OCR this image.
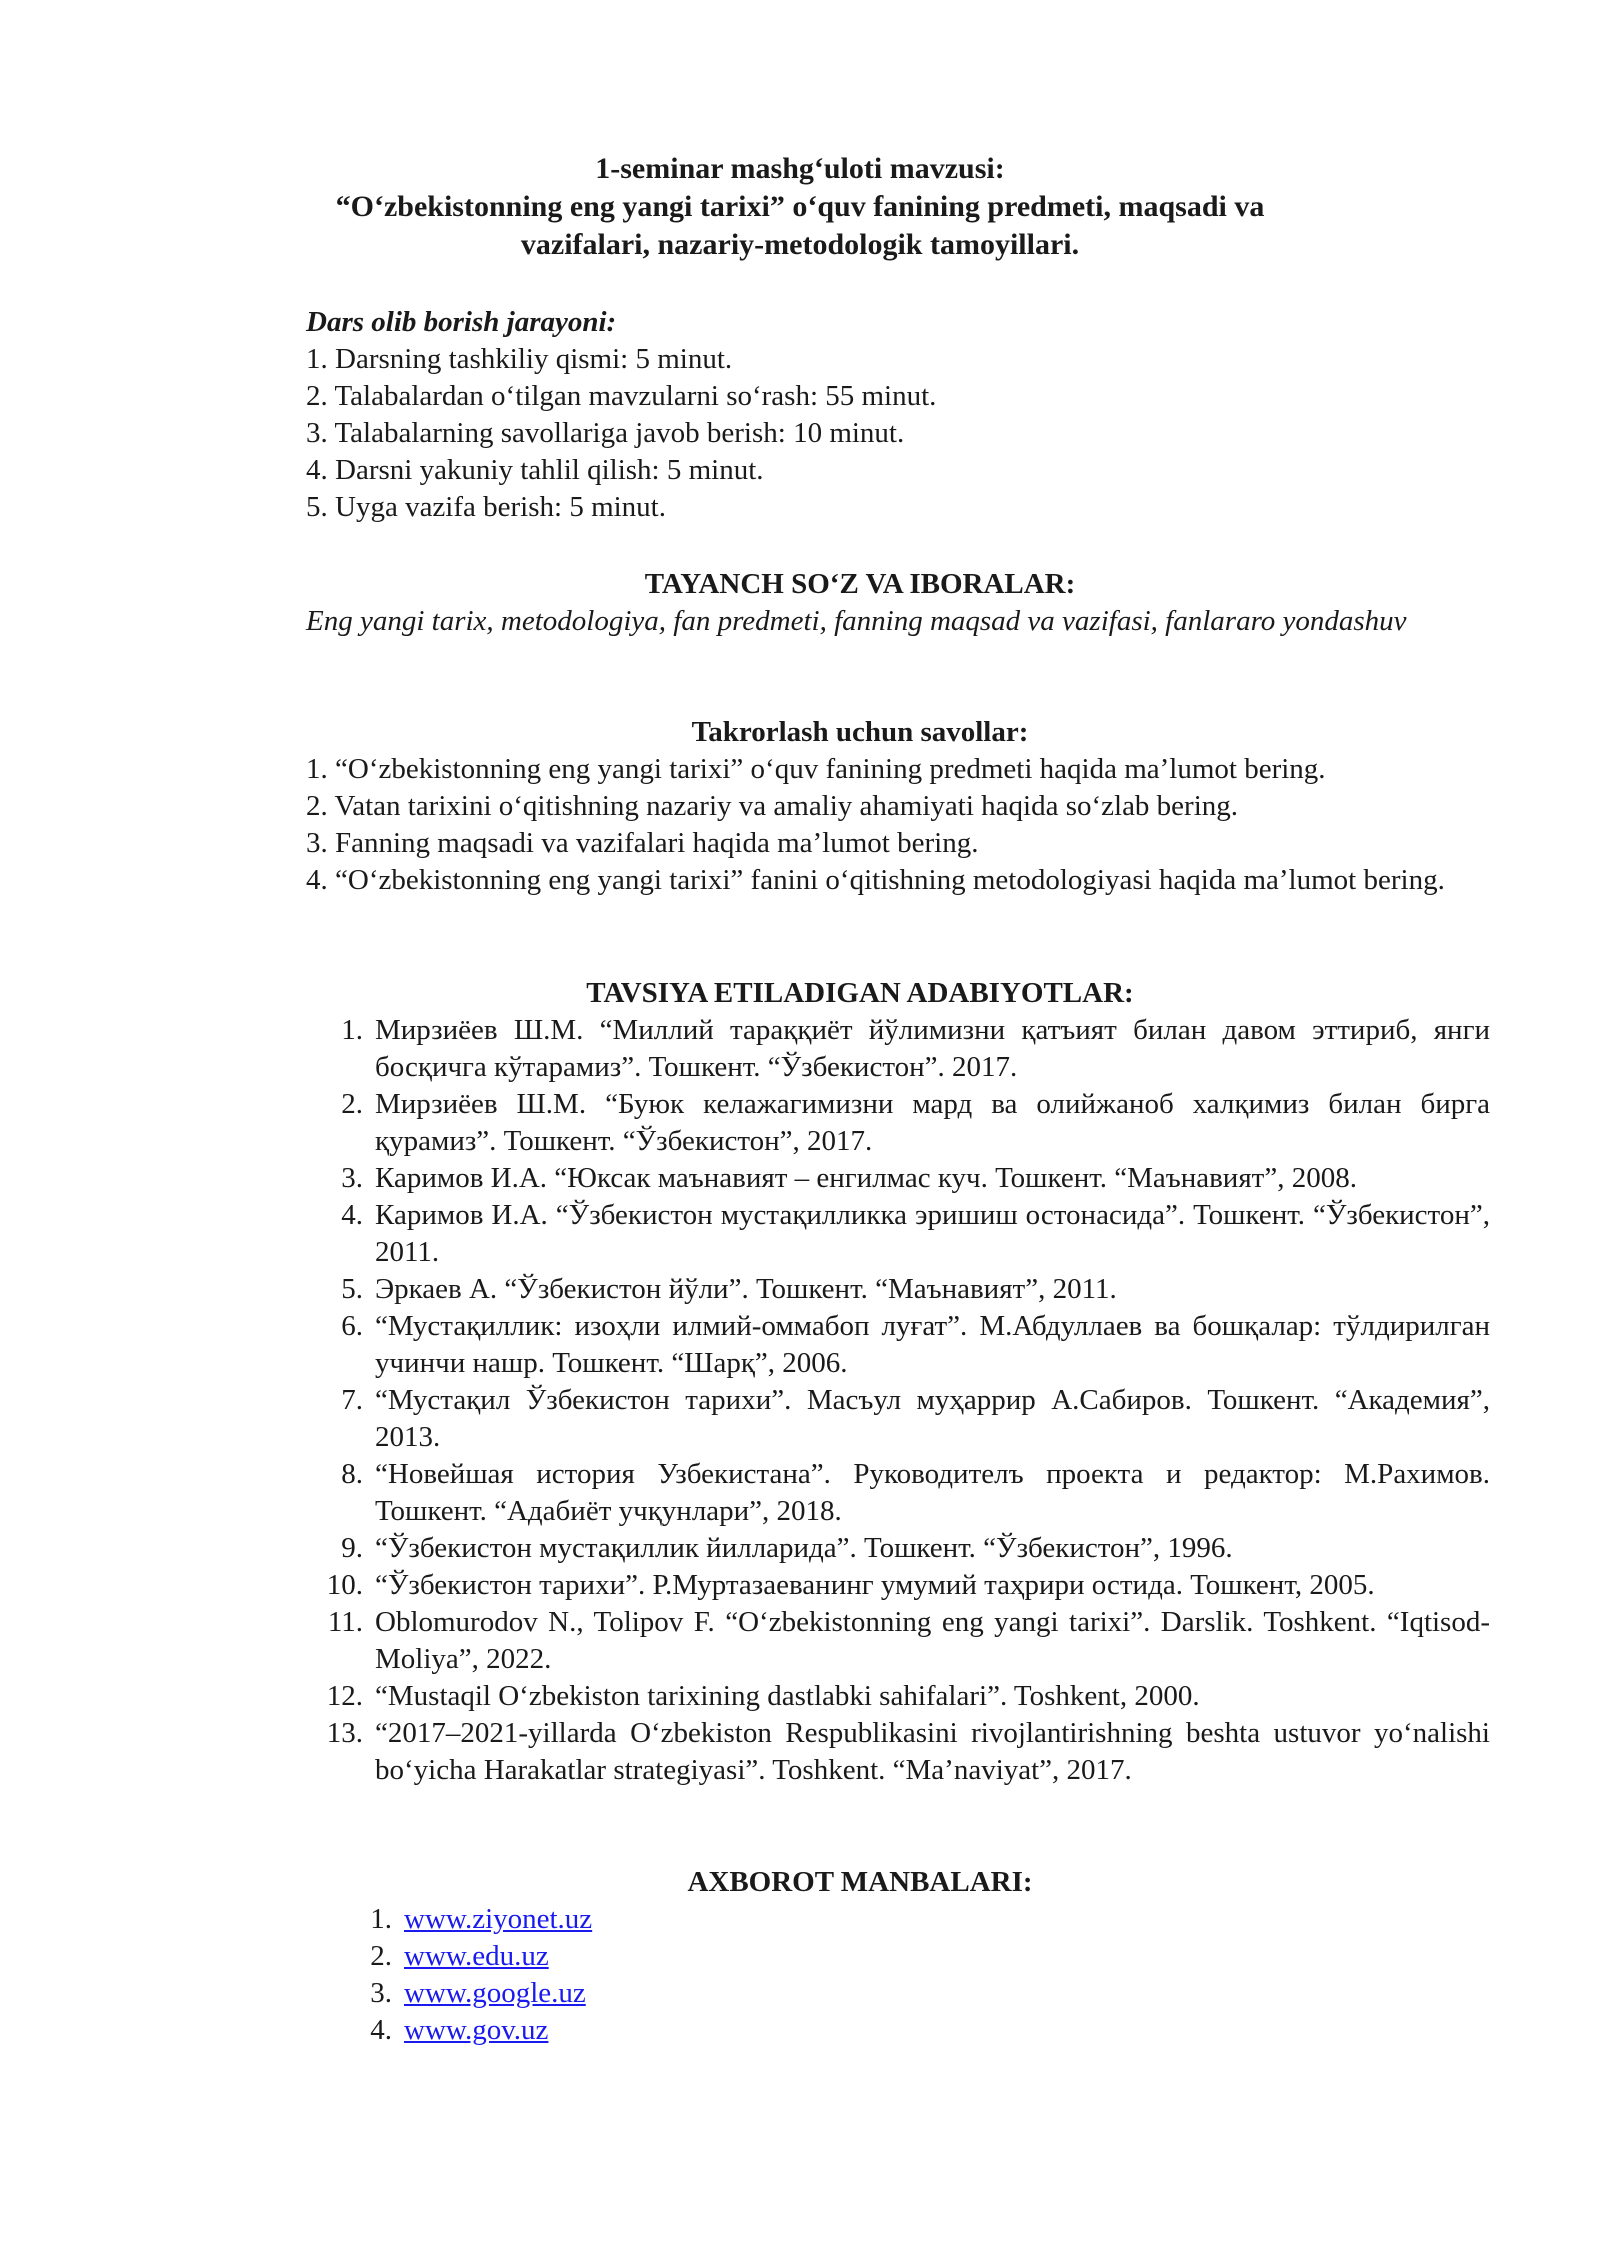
1-seminar mashgʻuloti mavzusi:
“Oʻzbekistonning eng yangi tarixi” oʻquv fanining predmeti, maqsadi va
vazifalari, nazariy-metodologik tamoyillari.
Dars olib borish jarayoni:
1. Darsning tashkiliy qismi: 5 minut.
2. Talabalardan oʻtilgan mavzularni soʻrash: 55 minut.
3. Talabalarning savollariga javob berish: 10 minut.
4. Darsni yakuniy tahlil qilish: 5 minut.
5. Uyga vazifa berish: 5 minut.
TAYANCH SOʻZ VA IBORALAR:

Eng yangi tarix, metodologiya, fan predmeti, fanning maqsad va vazifasi, fanlararo yondashuv

Takrorlash uchun savollar:
1. “Oʻzbekistonning eng yangi tarixi” oʻquv fanining predmeti haqida maʼlumot bering.
2. Vatan tarixini oʻqitishning nazariy va amaliy ahamiyati haqida soʻzlab bering.
3. Fanning maqsadi va vazifalari haqida maʼlumot bering.
4. “Oʻzbekistonning eng yangi tarixi” fanini oʻqitishning metodologiyasi haqida maʼlumot bering.
TAVSIYA ETILADIGAN ADABIYOTLAR:
1. Мирзиёев Ш.М. “Миллий тараққиёт йўлимизни қатъият билан давом эттириб, янги босқичга кўтарамиз”. Тошкент. “Ўзбекистон”. 2017.
2. Мирзиёев Ш.М. “Буюк келажагимизни мард ва олийжаноб халқимиз билан бирга қурамиз”. Тошкент. “Ўзбекистон”, 2017.
3. Каримов И.А. “Юксак маънавият – енгилмас куч. Тошкент. “Маънавият”, 2008.
4. Каримов И.А. “Ўзбекистон мустақилликка эришиш остонасида”. Тошкент. “Ўзбекистон”, 2011.
5. Эркаев А. “Ўзбекистон йўли”. Тошкент. “Маънавият”, 2011.
6. “Мустақиллик: изоҳли илмий-оммабоп луғат”. М.Абдуллаев ва бошқалар: тўлдирилган учинчи нашр. Тошкент. “Шарқ”, 2006.
7. “Мустақил Ўзбекистон тарихи”. Масъул муҳаррир А.Сабиров. Тошкент. “Академия”, 2013.
8. “Новейшая история Узбекистана”. Руководителъ проекта и редактор: М.Рахимов. Тошкент. “Адабиёт учқунлари”, 2018.
9. “Ўзбекистон мустақиллик йилларида”. Тошкент. “Ўзбекистон”, 1996.
10. “Ўзбекистон тарихи”. Р.Муртазаеванинг умумий таҳрири остида. Тошкент, 2005.
11. Oblomurodov N., Tolipov F. “Oʻzbekistonning eng yangi tarixi”. Darslik. Toshkent. “Iqtisod-Moliya”, 2022.
12. “Mustaqil Oʻzbekiston tarixining dastlabki sahifalari”. Toshkent, 2000.
13. “2017–2021-yillarda Oʻzbekiston Respublikasini rivojlantirishning beshta ustuvor yoʻnalishi boʻyicha Harakatlar strategiyasi”. Toshkent. “Maʼnaviyat”, 2017.
AXBOROT MANBALARI:
1. www.ziyonet.uz
2. www.edu.uz
3. www.google.uz
4. www.gov.uz
